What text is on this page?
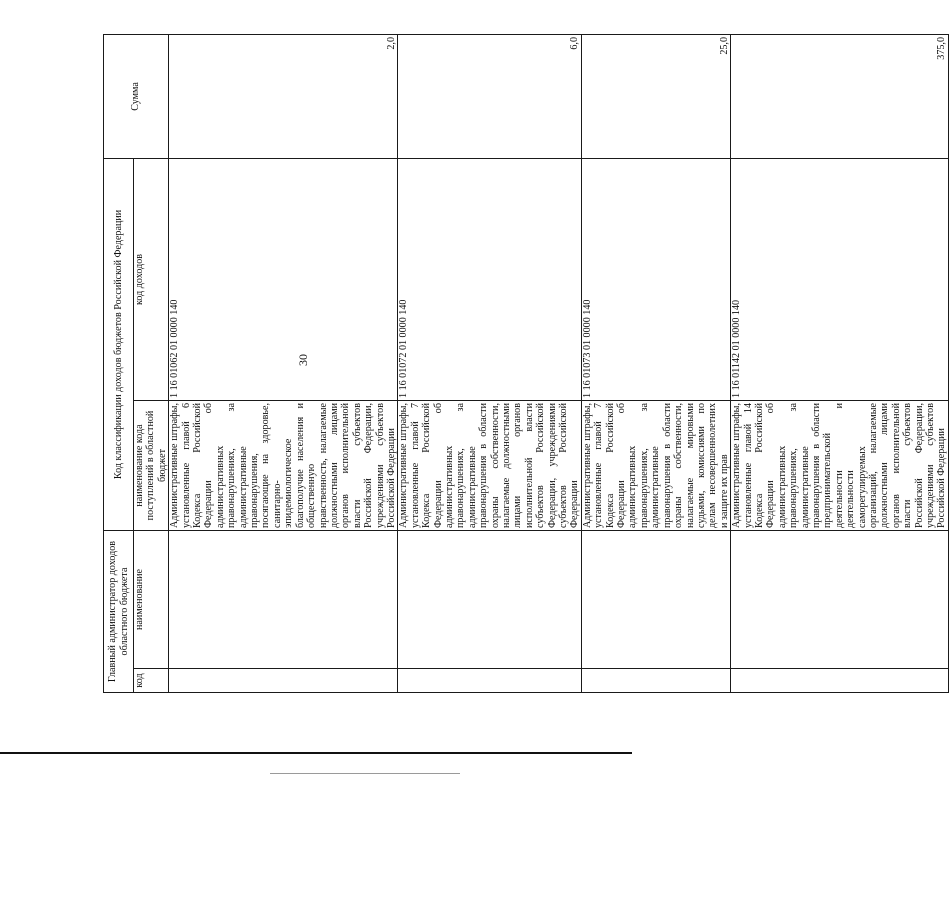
30
Главный администратор доходов областного бюджета		Код классификации доходов бюджетов Российской Федерации		Сумма
код	наименование	наименование кода поступлений в областной бюджет	код доходов	
		Административные штрафы, установленные главой 6 Кодекса Российской Федерации об административных правонарушениях, за административные правонарушения, посягающие на здоровье, санитарно-эпидемиологическое благополучие населения и общественную нравственность, налагаемые должностными лицами органов исполнительной власти субъектов Российской Федерации, учреждениями субъектов Российской Федерации	1 16 01062 01 0000 140	2,0
		Административные штрафы, установленные главой 7 Кодекса Российской Федерации об административных правонарушениях, за административные правонарушения в области охраны собственности, налагаемые должностными лицами органов исполнительной власти субъектов Российской Федерации, учреждениями субъектов Российской Федерации	1 16 01072 01 0000 140	6,0
		Административные штрафы, установленные главой 7 Кодекса Российской Федерации об административных правонарушениях, за административные правонарушения в области охраны собственности, налагаемые мировыми судьями, комиссиями по делам несовершеннолетних и защите их прав	1 16 01073 01 0000 140	25,0
		Административные штрафы, установленные главой 14 Кодекса Российской Федерации об административных правонарушениях, за административные правонарушения в области предпринимательской деятельности и деятельности саморегулируемых организаций, налагаемые должностными лицами органов исполнительной власти субъектов Российской Федерации, учреждениями субъектов Российской Федерации	1 16 01142 01 0000 140	375,0
